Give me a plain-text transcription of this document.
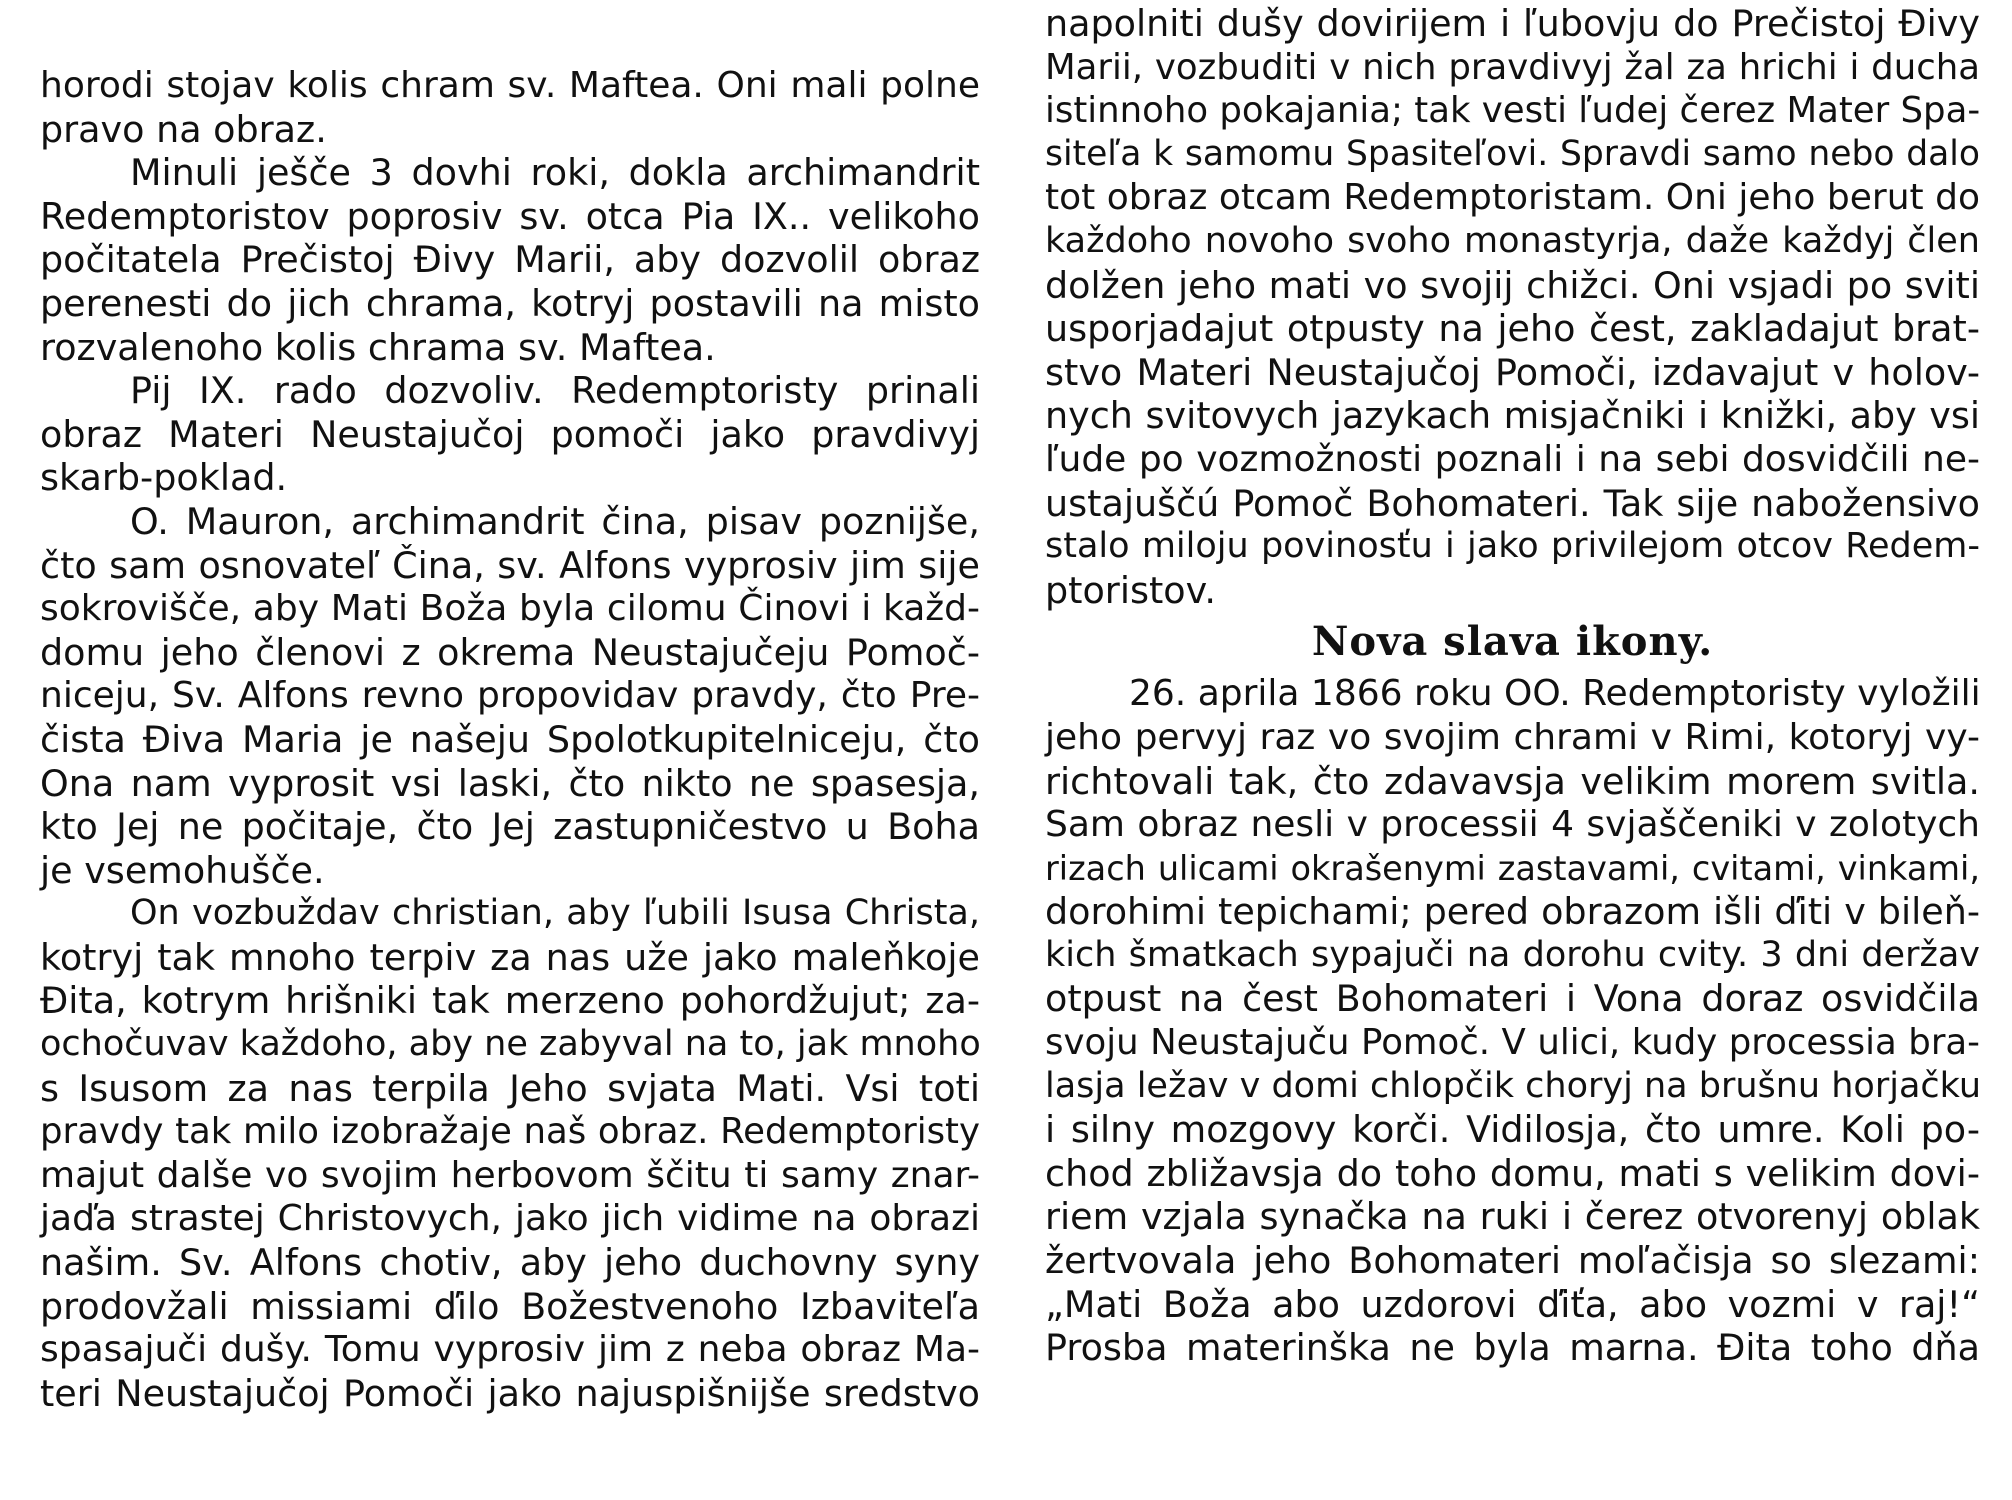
horodi stojav kolis chram sv. Maftea. Oni mali polne
pravo na obraz.
Minuli ješče 3 dovhi roki, dokla archimandrit
Redemptoristov poprosiv sv. otca Pia IX.. velikoho
počitatela Prečistoj Đivy Marii, aby dozvolil obraz
perenesti do jich chrama, kotryj postavili na misto
rozvalenoho kolis chrama sv. Maftea.
Pij IX. rado dozvoliv. Redemptoristy prinali
obraz Materi Neustajučoj pomoči jako pravdivyj
skarb-poklad.
O. Mauron, archimandrit čina, pisav poznijše,
čto sam osnovateľ Čina, sv. Alfons vyprosiv jim sije
sokrovišče, aby Mati Boža byla cilomu Činovi i každ-
domu jeho členovi z okrema Neustajučeju Pomoč-
niceju, Sv. Alfons revno propovidav pravdy, čto Pre-
čista Điva Maria je našeju Spolotkupitelniceju, čto
Ona nam vyprosit vsi laski, čto nikto ne spasesja,
kto Jej ne počitaje, čto Jej zastupničestvo u Boha
je vsemohušče.
On vozbuždav christian, aby ľubili Isusa Christa,
kotryj tak mnoho terpiv za nas uže jako maleňkoje
Đita, kotrym hrišniki tak merzeno pohordžujut; za-
ochočuvav každoho, aby ne zabyval na to, jak mnoho
s Isusom za nas terpila Jeho svjata Mati. Vsi toti
pravdy tak milo izobražaje naš obraz. Redemptoristy
majut dalše vo svojim herbovom ščitu ti samy znar-
jaďa strastej Christovych, jako jich vidime na obrazi
našim. Sv. Alfons chotiv, aby jeho duchovny syny
prodovžali missiami ďilo Božestvenoho Izbaviteľa
spasajuči dušy. Tomu vyprosiv jim z neba obraz Ma-
teri Neustajučoj Pomoči jako najuspišnijše sredstvo
napolniti dušy dovirijem i ľubovju do Prečistoj Đivy
Marii, vozbuditi v nich pravdivyj žal za hrichi i ducha
istinnoho pokajania; tak vesti ľudej čerez Mater Spa-
siteľa k samomu Spasiteľovi. Spravdi samo nebo dalo
tot obraz otcam Redemptoristam. Oni jeho berut do
každoho novoho svoho monastyrja, daže každyj člen
dolžen jeho mati vo svojij chižci. Oni vsjadi po sviti
usporjadajut otpusty na jeho čest, zakladajut brat-
stvo Materi Neustajučoj Pomoči, izdavajut v holov-
nych svitovych jazykach misjačniki i knižki, aby vsi
ľude po vozmožnosti poznali i na sebi dosvidčili ne-
ustajuščú Pomoč Bohomateri. Tak sije nabožensivo
stalo miloju povinosťu i jako privilejom otcov Redem-
ptoristov.
Nova slava ikony.
26. aprila 1866 roku OO. Redemptoristy vyložili
jeho pervyj raz vo svojim chrami v Rimi, kotoryj vy-
richtovali tak, čto zdavavsja velikim morem svitla.
Sam obraz nesli v processii 4 svjaščeniki v zolotych
rizach ulicami okrašenymi zastavami, cvitami, vinkami,
dorohimi tepichami; pered obrazom išli ďiti v bileň-
kich šmatkach sypajuči na dorohu cvity. 3 dni deržav
otpust na čest Bohomateri i Vona doraz osvidčila
svoju Neustajuču Pomoč. V ulici, kudy processia bra-
lasja ležav v domi chlopčik choryj na brušnu horjačku
i silny mozgovy korči. Vidilosja, čto umre. Koli po-
chod zbližavsja do toho domu, mati s velikim dovi-
riem vzjala synačka na ruki i čerez otvorenyj oblak
žertvovala jeho Bohomateri moľačisja so slezami:
„Mati Boža abo uzdorovi ďiťa, abo vozmi v raj!“
Prosba materinška ne byla marna. Đita toho dňa
